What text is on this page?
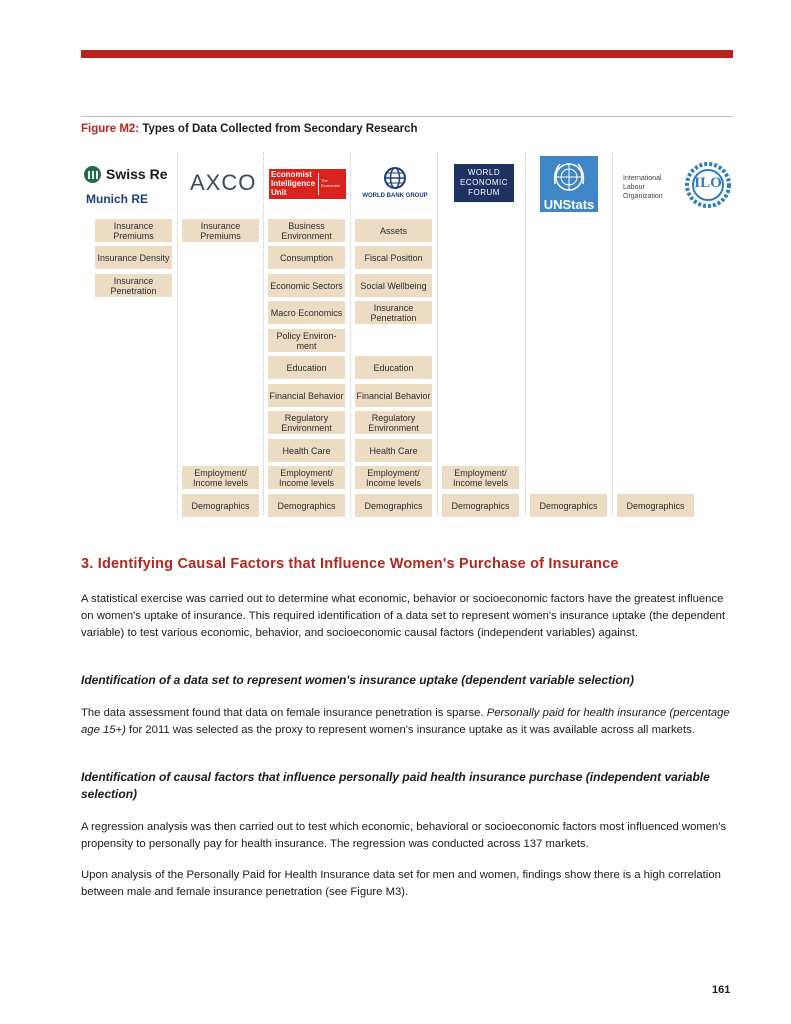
Figure M2: Types of Data Collected from Secondary Research
Swiss Re
Munich RE
AXCO Economist
Intelligence
Unit
The Economist
WORLD BANK GROUP
WORLD
ECONOMIC
FORUM
UNStats
International
Labour
Organization
ILO
Insurance Premiums
Insurance Density
Insurance Penetration
Insurance Premiums
Employment/ Income levels
Demographics
Business Environment
Consumption
Economic Sectors
Macro Economics
Policy Environ- ment
Education
Financial Behavior
Regulatory Environment
Health Care
Employment/ Income levels
Demographics
Assets
Fiscal Position
Social Wellbeing
Insurance Penetration
Education
Financial Behavior
Regulatory Environment
Health Care
Employment/ Income levels
Demographics
Employment/ Income levels
Demographics	Demographics	Demographics
3. Identifying Causal Factors that Influence Women's Purchase of Insurance

A statistical exercise was carried out to determine what economic, behavior or socioeconomic factors have the greatest influence on women's uptake of insurance. This required identification of a data set to represent women's insurance uptake (the dependent variable) to test various economic, behavior, and socioeconomic causal factors (independent variables) against.

Identification of a data set to represent women's insurance uptake (dependent variable selection)

The data assessment found that data on female insurance penetration is sparse. Personally paid for health insurance (percentage age 15+) for 2011 was selected as the proxy to represent women's insurance uptake as it was available across all markets.

Identification of causal factors that influence personally paid health insurance purchase (independent variable selection)

A regression analysis was then carried out to test which economic, behavioral or socioeconomic factors most influenced women's propensity to personally pay for health insurance. The regression was conducted across 137 markets.

Upon analysis of the Personally Paid for Health Insurance data set for men and women, findings show there is a high correlation between male and female insurance penetration (see Figure M3).

161
